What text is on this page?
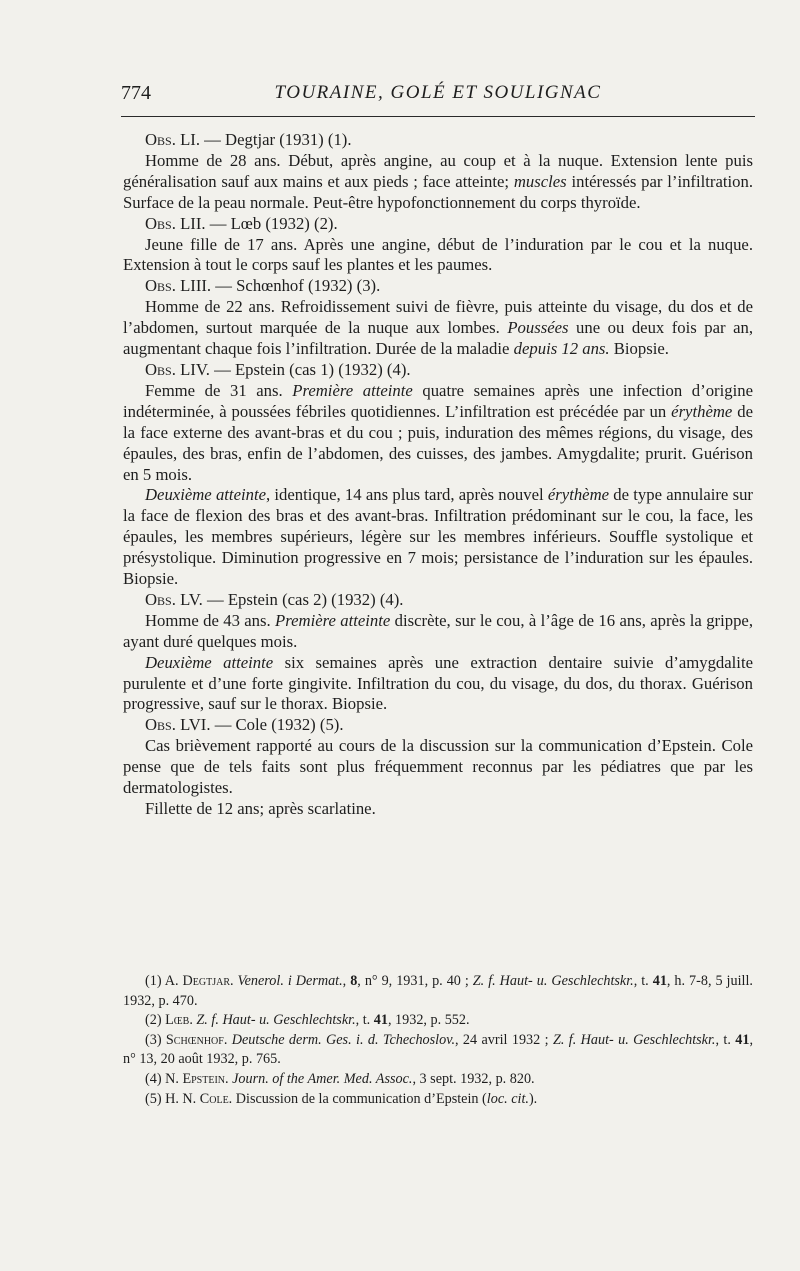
774	TOURAINE, GOLÉ ET SOULIGNAC

Obs. LI. — Degtjar (1931) (1).

Homme de 28 ans. Début, après angine, au coup et à la nuque. Extension lente puis généralisation sauf aux mains et aux pieds ; face atteinte; muscles intéressés par l’infiltration. Surface de la peau normale. Peut-être hypofonctionnement du corps thyroïde.

Obs. LII. — Lœb (1932) (2).

Jeune fille de 17 ans. Après une angine, début de l’induration par le cou et la nuque. Extension à tout le corps sauf les plantes et les paumes.

Obs. LIII. — Schœnhof (1932) (3).

Homme de 22 ans. Refroidissement suivi de fièvre, puis atteinte du visage, du dos et de l’abdomen, surtout marquée de la nuque aux lombes. Poussées une ou deux fois par an, augmentant chaque fois l’infiltration. Durée de la maladie depuis 12 ans. Biopsie.

Obs. LIV. — Epstein (cas 1) (1932) (4).

Femme de 31 ans. Première atteinte quatre semaines après une infection d’origine indéterminée, à poussées fébriles quotidiennes. L’infiltration est précédée par un érythème de la face externe des avant-bras et du cou ; puis, induration des mêmes régions, du visage, des épaules, des bras, enfin de l’abdomen, des cuisses, des jambes. Amygdalite; prurit. Guérison en 5 mois.

Deuxième atteinte, identique, 14 ans plus tard, après nouvel érythème de type annulaire sur la face de flexion des bras et des avant-bras. Infiltration prédominant sur le cou, la face, les épaules, les membres supérieurs, légère sur les membres inférieurs. Souffle systolique et présystolique. Diminution progressive en 7 mois; persistance de l’induration sur les épaules. Biopsie.

Obs. LV. — Epstein (cas 2) (1932) (4).

Homme de 43 ans. Première atteinte discrète, sur le cou, à l’âge de 16 ans, après la grippe, ayant duré quelques mois.

Deuxième atteinte six semaines après une extraction dentaire suivie d’amygdalite purulente et d’une forte gingivite. Infiltration du cou, du visage, du dos, du thorax. Guérison progressive, sauf sur le thorax. Biopsie.

Obs. LVI. — Cole (1932) (5).

Cas brièvement rapporté au cours de la discussion sur la communication d’Epstein. Cole pense que de tels faits sont plus fréquemment reconnus par les pédiatres que par les dermatologistes.

Fillette de 12 ans; après scarlatine.

(1) A. Degtjar. Venerol. i Dermat., 8, n° 9, 1931, p. 40 ; Z. f. Haut- u. Geschlechtskr., t. 41, h. 7-8, 5 juill. 1932, p. 470.

(2) Lœb. Z. f. Haut- u. Geschlechtskr., t. 41, 1932, p. 552.

(3) Schœnhof. Deutsche derm. Ges. i. d. Tchechoslov., 24 avril 1932 ; Z. f. Haut- u. Geschlechtskr., t. 41, n° 13, 20 août 1932, p. 765.

(4) N. Epstein. Journ. of the Amer. Med. Assoc., 3 sept. 1932, p. 820.

(5) H. N. Cole. Discussion de la communication d’Epstein (loc. cit.).
